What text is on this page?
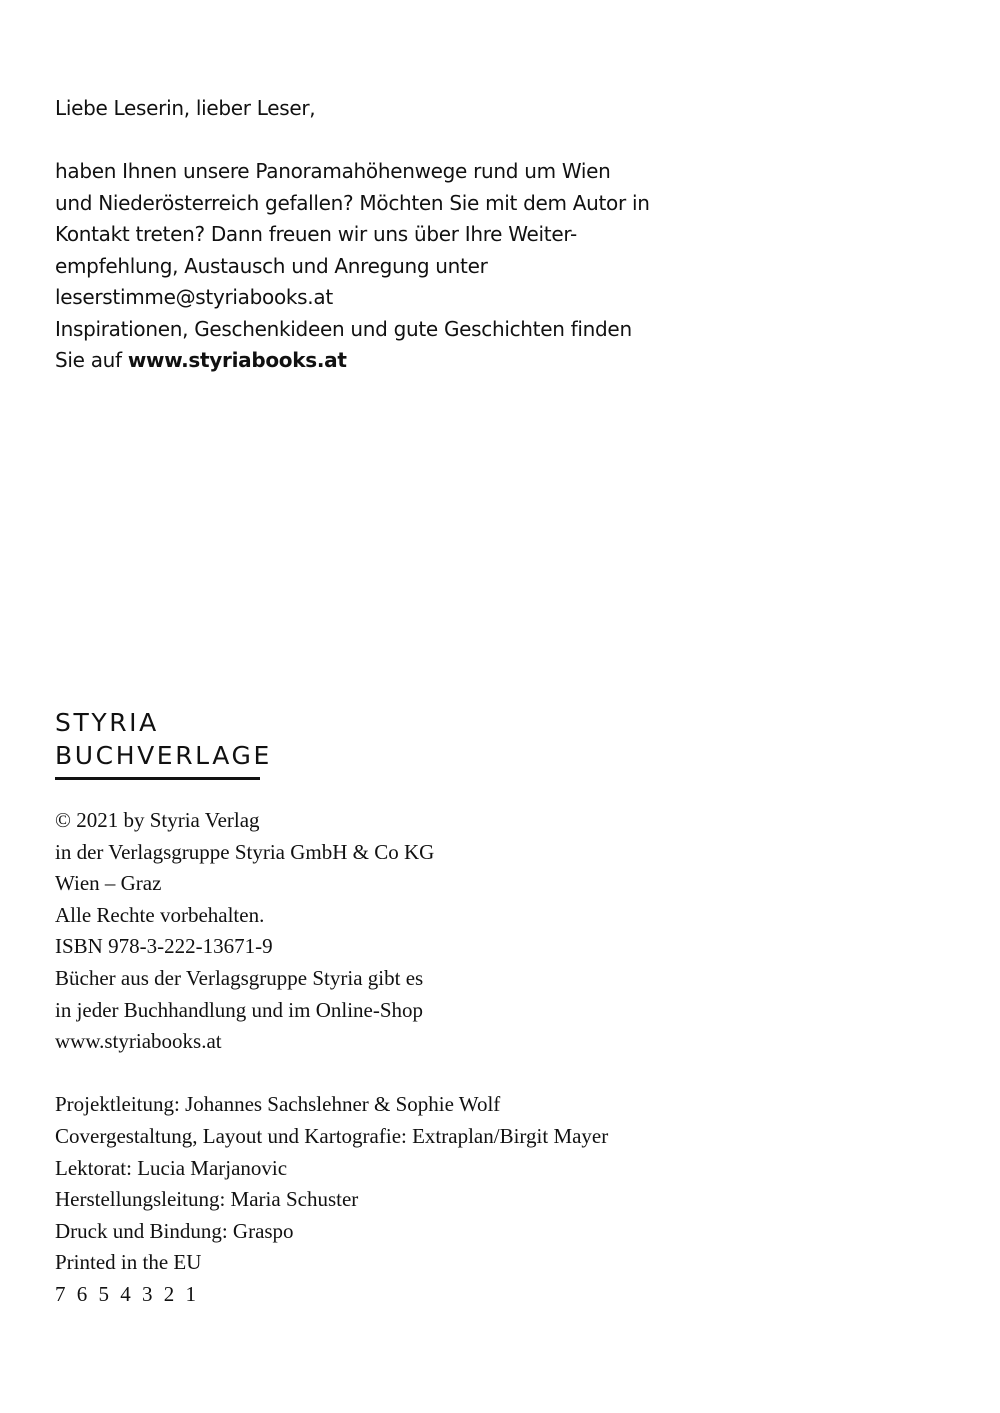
Liebe Leserin, lieber Leser,
haben Ihnen unsere Panoramahöhenwege rund um Wien
und Niederösterreich gefallen? Möchten Sie mit dem Autor in
Kontakt treten? Dann freuen wir uns über Ihre Weiter-
empfehlung, Austausch und Anregung unter
leserstimme@styriabooks.at
Inspirationen, Geschenkideen und gute Geschichten finden
Sie auf www.styriabooks.at
STYRIA
BUCHVERLAGE
© 2021 by Styria Verlag
in der Verlagsgruppe Styria GmbH & Co KG
Wien – Graz
Alle Rechte vorbehalten.
ISBN 978-3-222-13671-9
Bücher aus der Verlagsgruppe Styria gibt es
in jeder Buchhandlung und im Online-Shop
www.styriabooks.at
Projektleitung: Johannes Sachslehner & Sophie Wolf
Covergestaltung, Layout und Kartografie: Extraplan/Birgit Mayer
Lektorat: Lucia Marjanovic
Herstellungsleitung: Maria Schuster
Druck und Bindung: Graspo
Printed in the EU
7 6 5 4 3 2 1
